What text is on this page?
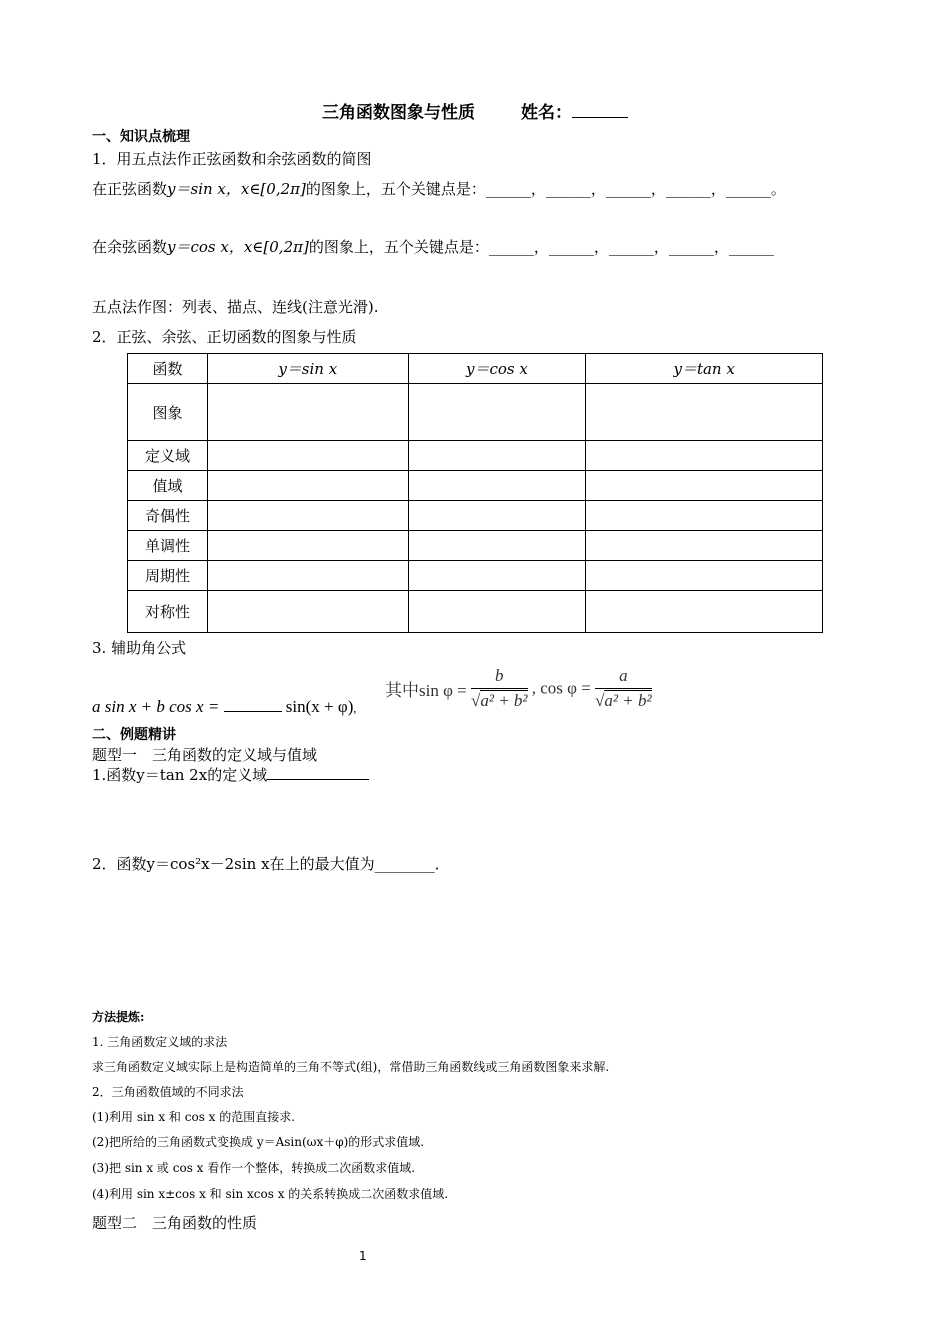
三角函数图象与性质	姓名：
一、知识点梳理
1．用五点法作正弦函数和余弦函数的简图
在正弦函数y＝sin x，x∈[0,2π]的图象上，五个关键点是：______，______，______，______，______。
在余弦函数y＝cos x，x∈[0,2π]的图象上，五个关键点是：______，______，______，______，______
五点法作图：列表、描点、连线(注意光滑).
2．正弦、余弦、正切函数的图象与性质
函数	y＝sin x	y＝cos x	y＝tan x
图象			
定义域			
值域			
奇偶性			
单调性			
周期性			
对称性			
3. 辅助角公式
a sin x + b cos x =	sin(x + φ),
其中$\sin \varphi = \frac{b}{\text{√a² + b²}}$ , $\cos \varphi = \frac{a}{\text{√a² + b²}}$
二、例题精讲
题型一　三角函数的定义域与值域
1.函数y＝tan 2x的定义域
2．函数y＝cos²x－2sin x在上的最大值为________．
方法提炼:
1. 三角函数定义域的求法
求三角函数定义域实际上是构造简单的三角不等式(组)，常借助三角函数线或三角函数图象来求解.
2．三角函数值域的不同求法
(1)利用 sin x 和 cos x 的范围直接求.
(2)把所给的三角函数式变换成 y＝Asin(ωx＋φ)的形式求值域.
(3)把 sin x 或 cos x 看作一个整体，转换成二次函数求值域.
(4)利用 sin x±cos x 和 sin xcos x 的关系转换成二次函数求值域.
题型二　三角函数的性质
1
